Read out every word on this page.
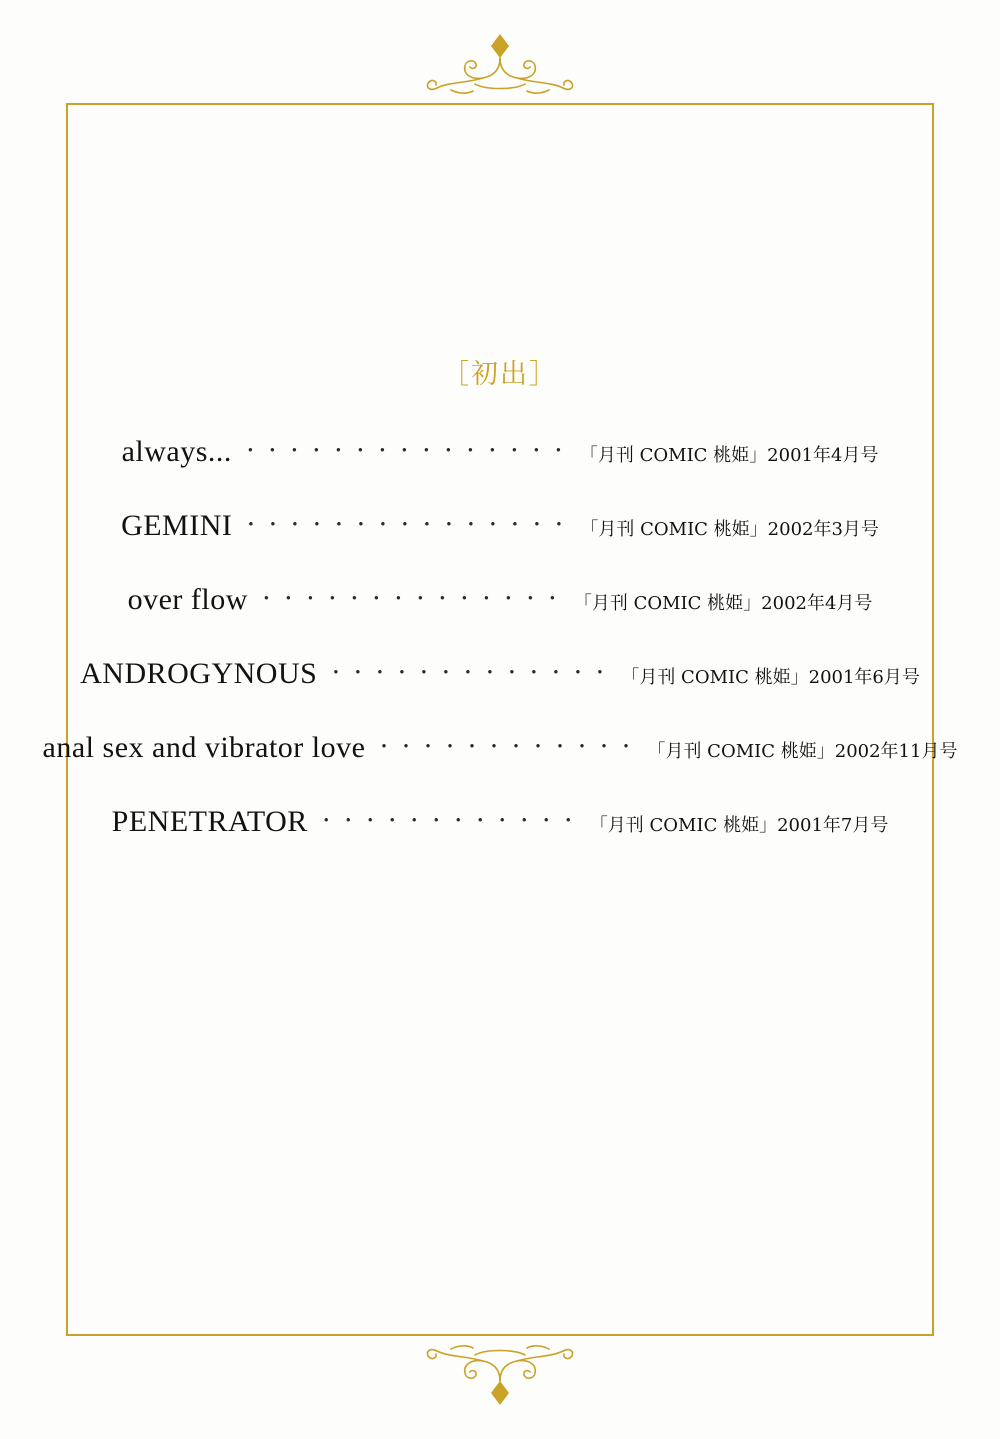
［初出］
always... ・・・・・・・・・・・・・・・ 「月刊 COMIC 桃姫」2001年4月号
GEMINI ・・・・・・・・・・・・・・・ 「月刊 COMIC 桃姫」2002年3月号
over flow ・・・・・・・・・・・・・・ 「月刊 COMIC 桃姫」2002年4月号
ANDROGYNOUS ・・・・・・・・・・・・・ 「月刊 COMIC 桃姫」2001年6月号
anal sex and vibrator love ・・・・・・・・・・・・ 「月刊 COMIC 桃姫」2002年11月号
PENETRATOR ・・・・・・・・・・・・ 「月刊 COMIC 桃姫」2001年7月号
